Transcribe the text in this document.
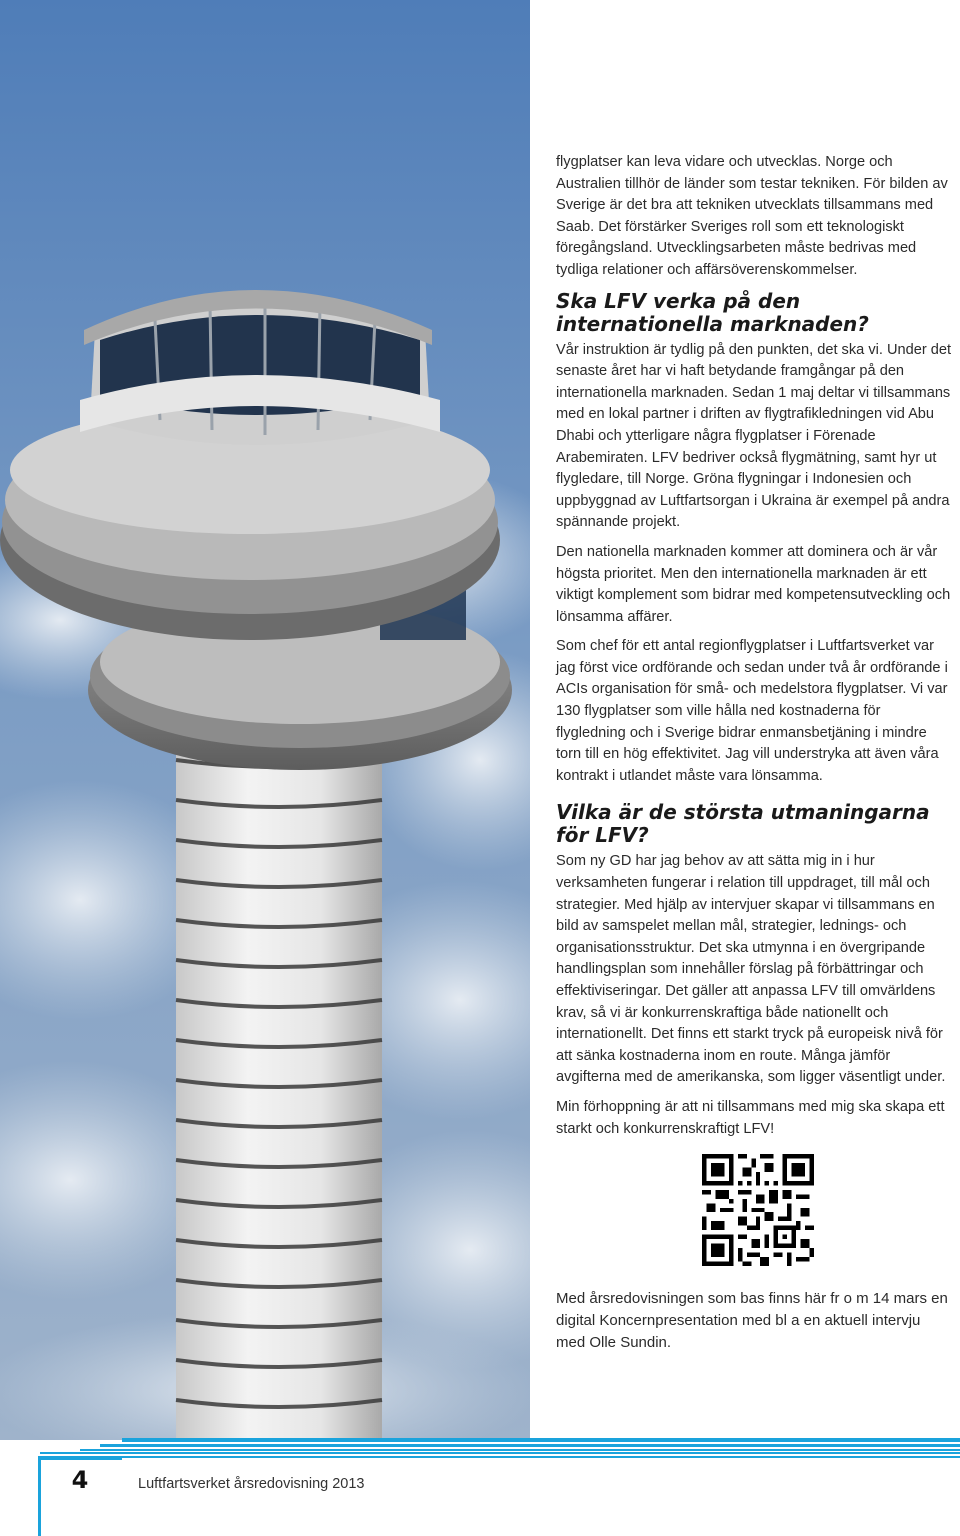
flygplatser kan leva vidare och utvecklas. Norge och Australien tillhör de länder som testar tekniken. För bilden av Sverige är det bra att tekniken utvecklats tillsammans med Saab. Det förstärker Sveriges roll som ett teknologiskt föregångsland. Utvecklingsarbeten måste bedrivas med tydliga relationer och affärsöverenskommelser.

Ska LFV verka på den internationella marknaden?

Vår instruktion är tydlig på den punkten, det ska vi. Under det senaste året har vi haft betydande framgångar på den internationella marknaden. Sedan 1 maj deltar vi tillsammans med en lokal partner i driften av flygtrafikledningen vid Abu Dhabi och ytterligare några flygplatser i Förenade Arabemiraten. LFV bedriver också flygmätning, samt hyr ut flygledare, till Norge. Gröna flygningar i Indonesien och uppbyggnad av Luftfartsorgan i Ukraina är exempel på andra spännande projekt.

Den nationella marknaden kommer att dominera och är vår högsta prioritet. Men den internationella marknaden är ett viktigt komplement som bidrar med kompetensutveckling och lönsamma affärer.

Som chef för ett antal regionflygplatser i Luftfartsverket var jag först vice ordförande och sedan under två år ordförande i ACIs organisation för små- och medelstora flygplatser. Vi var 130 flygplatser som ville hålla ned kostnaderna för flygledning och i Sverige bidrar enmansbetjäning i mindre torn till en hög effektivitet. Jag vill understryka att även våra kontrakt i utlandet måste vara lönsamma.

Vilka är de största utmaningarna för LFV?

Som ny GD har jag behov av att sätta mig in i hur verksamheten fungerar i relation till uppdraget, till mål och strategier. Med hjälp av intervjuer skapar vi tillsammans en bild av samspelet mellan mål, strategier, lednings- och organisationsstruktur. Det ska utmynna i en övergripande handlingsplan som innehåller förslag på förbättringar och effektiviseringar. Det gäller att anpassa LFV till omvärldens krav, så vi är konkurrenskraftiga både nationellt och internationellt. Det finns ett starkt tryck på europeisk nivå för att sänka kostnaderna inom en route. Många jämför avgifterna med de amerikanska, som ligger väsentligt under.

Min förhoppning är att ni tillsammans med mig ska skapa ett starkt och konkurrenskraftigt LFV!

Med årsredovisningen som bas finns här fr o m 14 mars en digital Koncernpresentation med bl a en aktuell intervju med Olle Sundin.

4	Luftfartsverket årsredovisning 2013
